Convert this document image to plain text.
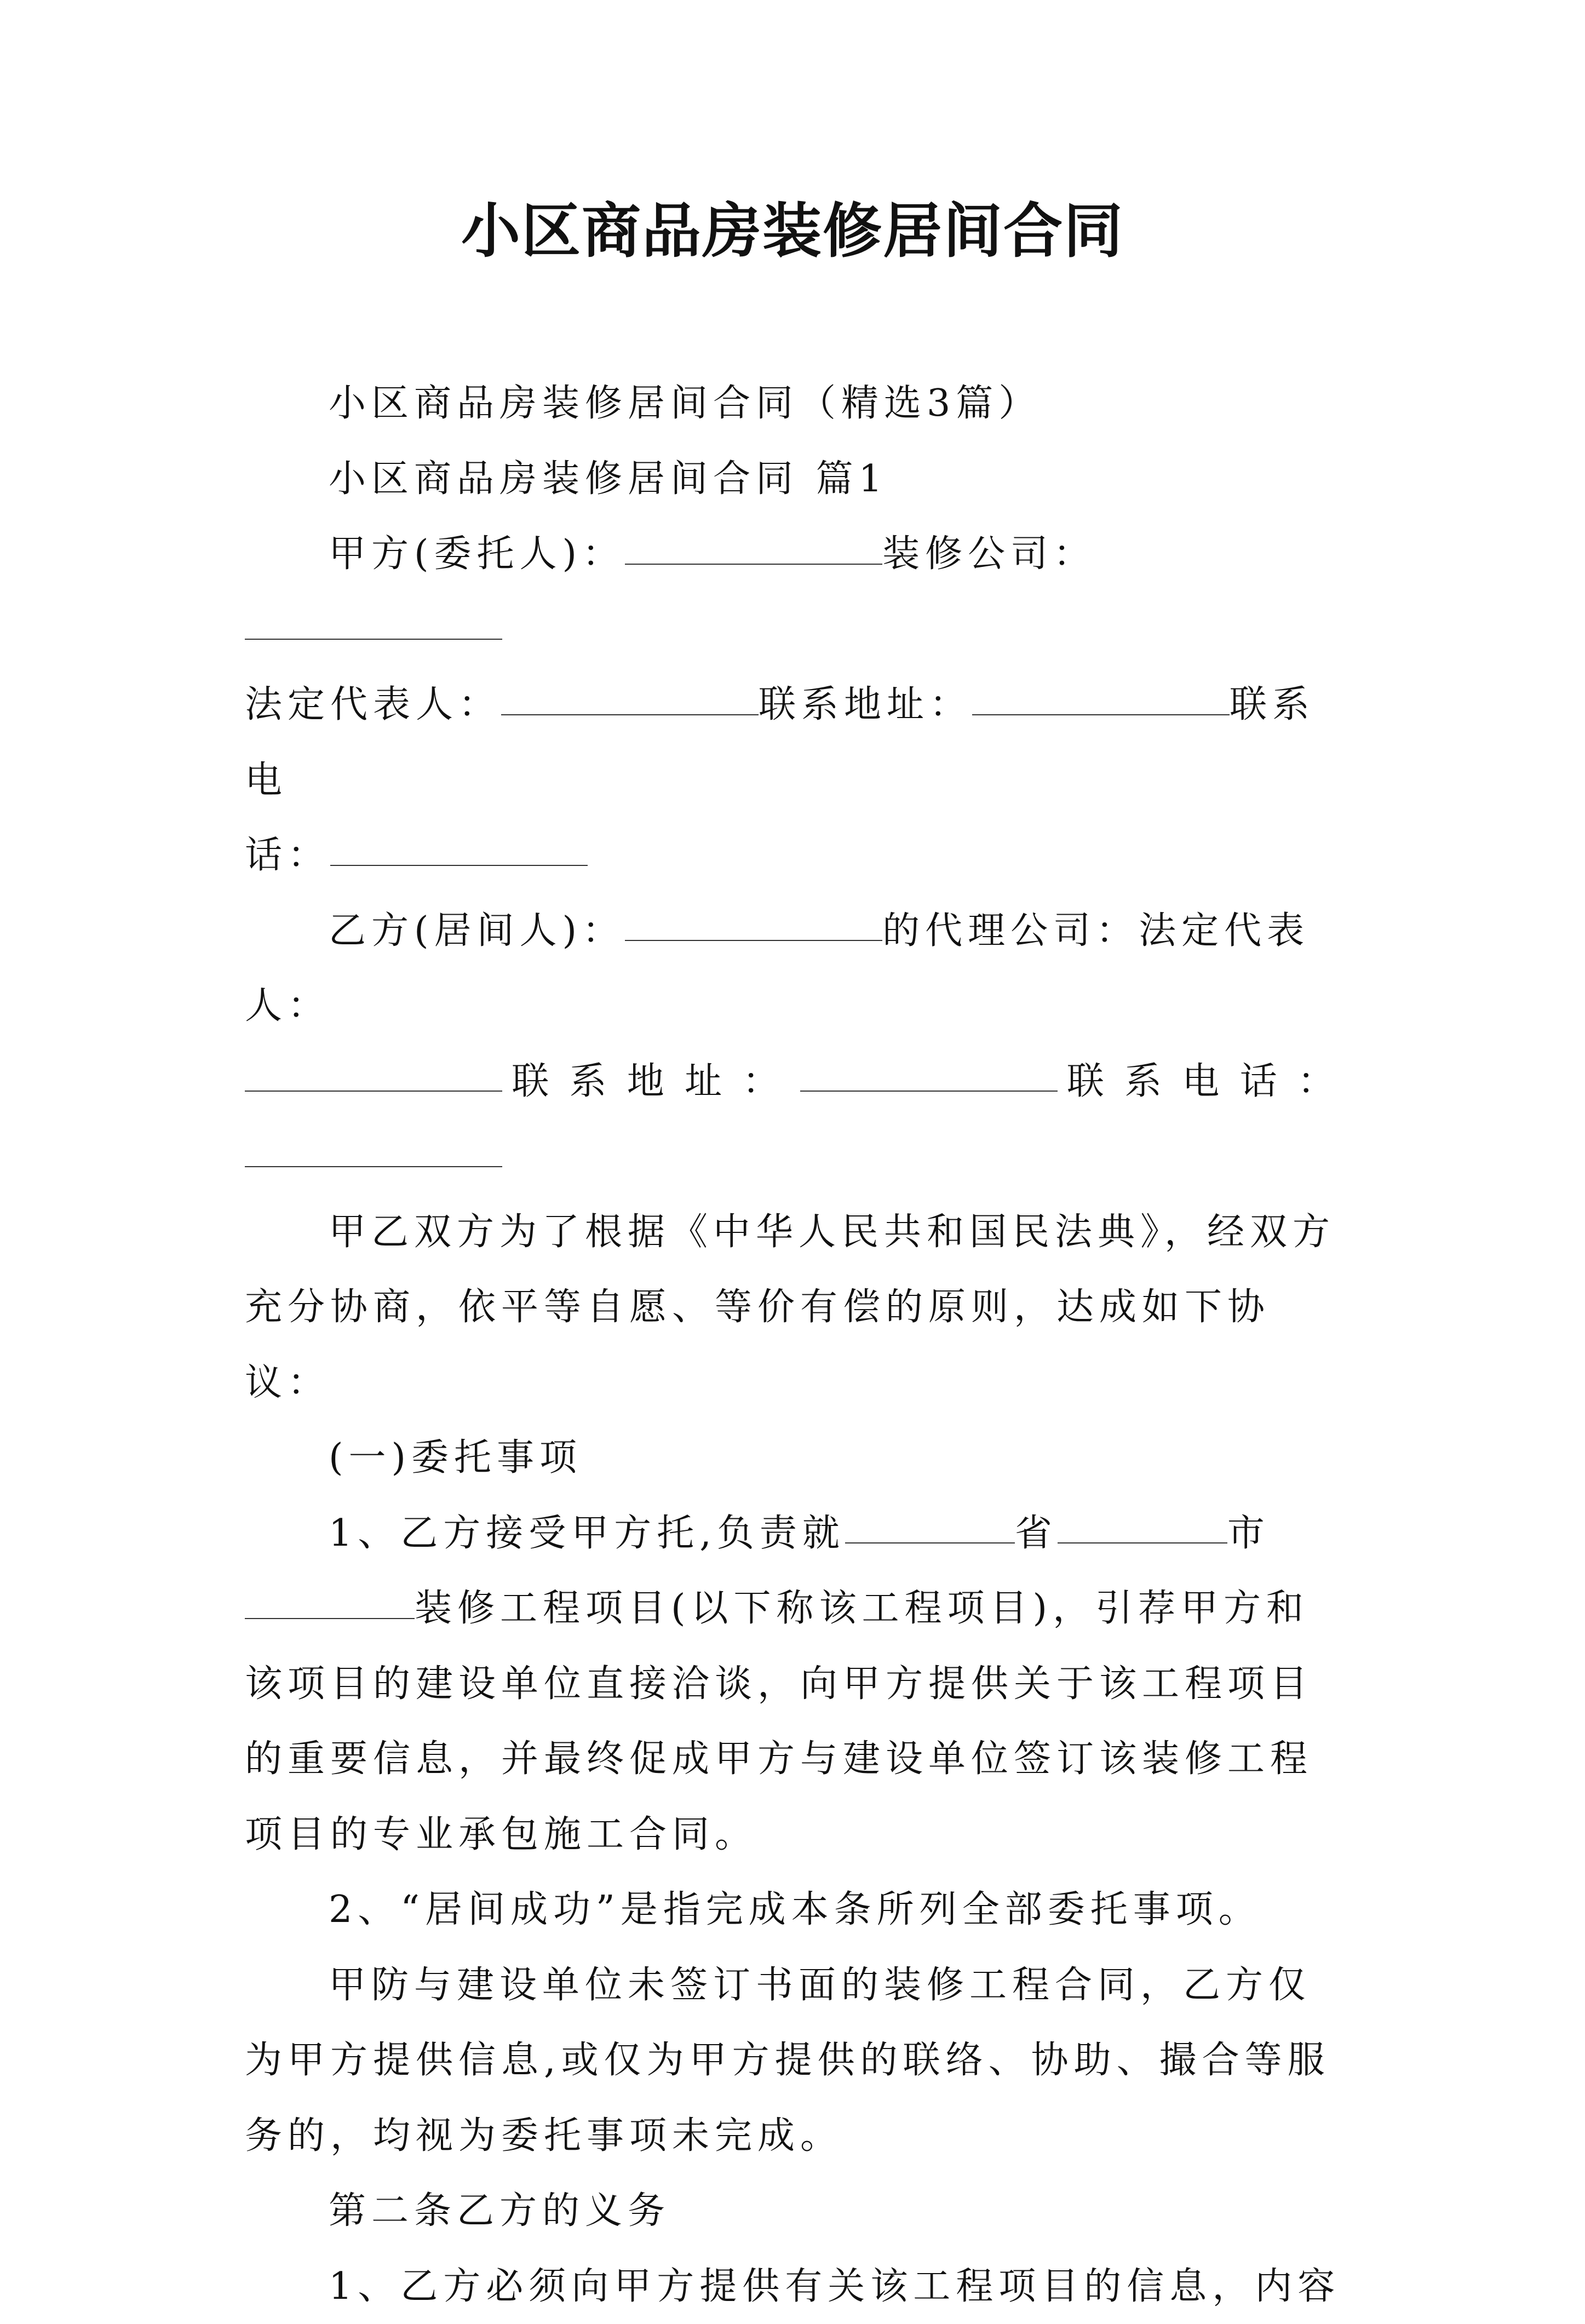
小区商品房装修居间合同

小区商品房装修居间合同（精选3篇）

小区商品房装修居间合同 篇1

甲方(委托人)：	装修公司：

法定代表人：	联系地址：	联系电

话：

乙方(居间人)：	的代理公司：法定代表人：

联系地址：	联系电话：

甲乙双方为了根据《中华人民共和国民法典》，经双方充分协商，依平等自愿、等价有偿的原则，达成如下协议：

(一)委托事项

1、乙方接受甲方托,负责就	省	市装修工程项目(以下称该工程项目)，引荐甲方和该项目的建设单位直接洽谈，向甲方提供关于该工程项目的重要信息，并最终促成甲方与建设单位签订该装修工程项目的专业承包施工合同。

2、“居间成功”是指完成本条所列全部委托事项。

甲防与建设单位未签订书面的装修工程合同，乙方仅为甲方提供信息,或仅为甲方提供的联络、协助、撮合等服务的，均视为委托事项未完成。

第二条乙方的义务

1、乙方必须向甲方提供有关该工程项目的信息，内容
